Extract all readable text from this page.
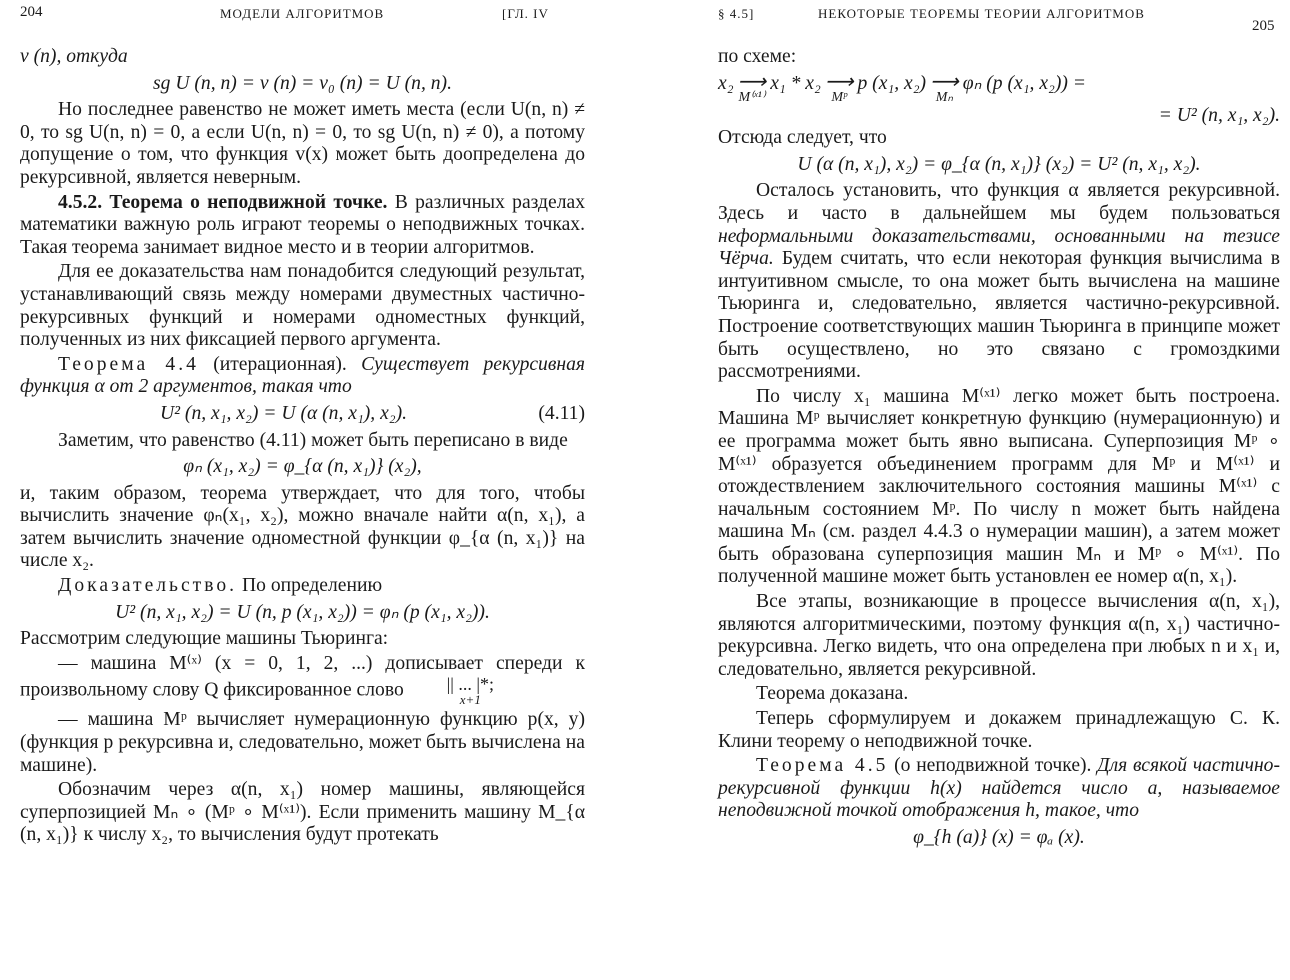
204	МОДЕЛИ АЛГОРИТМОВ	[ГЛ. IV

v (n), откуда

sg U (n, n) = v (n) = v₀ (n) = U (n, n).

Но последнее равенство не может иметь места (если U(n, n) ≠ 0, то sg U(n, n) = 0, а если U(n, n) = 0, то sg U(n, n) ≠ 0), а потому допущение о том, что функция v(x) может быть доопределена до рекурсивной, является неверным.

4.5.2. Теорема о неподвижной точке. В различных разделах математики важную роль играют теоремы о неподвижных точках. Такая теорема занимает видное место и в теории алгоритмов.

Для ее доказательства нам понадобится следующий результат, устанавливающий связь между номерами двуместных частично-рекурсивных функций и номерами одноместных функций, полученных из них фиксацией первого аргумента.

Теорема 4.4 (итерационная). Существует рекурсивная функция α от 2 аргументов, такая что

U² (n, x₁, x₂) = U (α (n, x₁), x₂).	(4.11)

Заметим, что равенство (4.11) может быть переписано в виде

φₙ (x₁, x₂) = φ_{α (n, x₁)} (x₂),

и, таким образом, теорема утверждает, что для того, чтобы вычислить значение φₙ(x₁, x₂), можно вначале найти α(n, x₁), а затем вычислить значение одноместной функции φ_{α (n, x₁)} на числе x₂.

Доказательство. По определению

U² (n, x₁, x₂) = U (n, p (x₁, x₂)) = φₙ (p (x₁, x₂)).

Рассмотрим следующие машины Тьюринга:

— машина M⁽ˣ⁾ (x = 0, 1, 2, ...) дописывает спереди к произвольному слову Q фиксированное слово	|| ... |*;
x+1

— машина Mᵖ вычисляет нумерационную функцию p(x, y) (функция p рекурсивна и, следовательно, может быть вычислена на машине).

Обозначим через α(n, x₁) номер машины, являющейся суперпозицией Mₙ ∘ (Mᵖ ∘ M⁽ˣ¹⁾). Если применить машину M_{α (n, x₁)} к числу x₂, то вычисления будут протекать

§ 4.5]	НЕКОТОРЫЕ ТЕОРЕМЫ ТЕОРИИ АЛГОРИТМОВ
205

по схеме:

x₂ ⟶
M⁽ˣ¹⁾
x₁ * x₂ ⟶
Mᵖ
p (x₁, x₂) ⟶
Mₙ
φₙ (p (x₁, x₂)) =
= U² (n, x₁, x₂).

Отсюда следует, что

U (α (n, x₁), x₂) = φ_{α (n, x₁)} (x₂) = U² (n, x₁, x₂).

Осталось установить, что функция α является рекурсивной. Здесь и часто в дальнейшем мы будем пользоваться неформальными доказательствами, основанными на тезисе Чёрча. Будем считать, что если некоторая функция вычислима в интуитивном смысле, то она может быть вычислена на машине Тьюринга и, следовательно, является частично-рекурсивной. Построение соответствующих машин Тьюринга в принципе может быть осуществлено, но это связано с громоздкими рассмотрениями.

По числу x₁ машина M⁽ˣ¹⁾ легко может быть построена. Машина Mᵖ вычисляет конкретную функцию (нумерационную) и ее программа может быть явно выписана. Суперпозиция Mᵖ ∘ M⁽ˣ¹⁾ образуется объединением программ для Mᵖ и M⁽ˣ¹⁾ и отождествлением заключительного состояния машины M⁽ˣ¹⁾ с начальным состоянием Mᵖ. По числу n может быть найдена машина Mₙ (см. раздел 4.4.3 о нумерации машин), а затем может быть образована суперпозиция машин Mₙ и Mᵖ ∘ M⁽ˣ¹⁾. По полученной машине может быть установлен ее номер α(n, x₁).

Все этапы, возникающие в процессе вычисления α(n, x₁), являются алгоритмическими, поэтому функция α(n, x₁) частично-рекурсивна. Легко видеть, что она определена при любых n и x₁ и, следовательно, является рекурсивной.

Теорема доказана.

Теперь сформулируем и докажем принадлежащую С. К. Клини теорему о неподвижной точке.

Теорема 4.5 (о неподвижной точке). Для всякой частично-рекурсивной функции h(x) найдется число a, называемое неподвижной точкой отображения h, такое, что

φ_{h (a)} (x) = φₐ (x).
